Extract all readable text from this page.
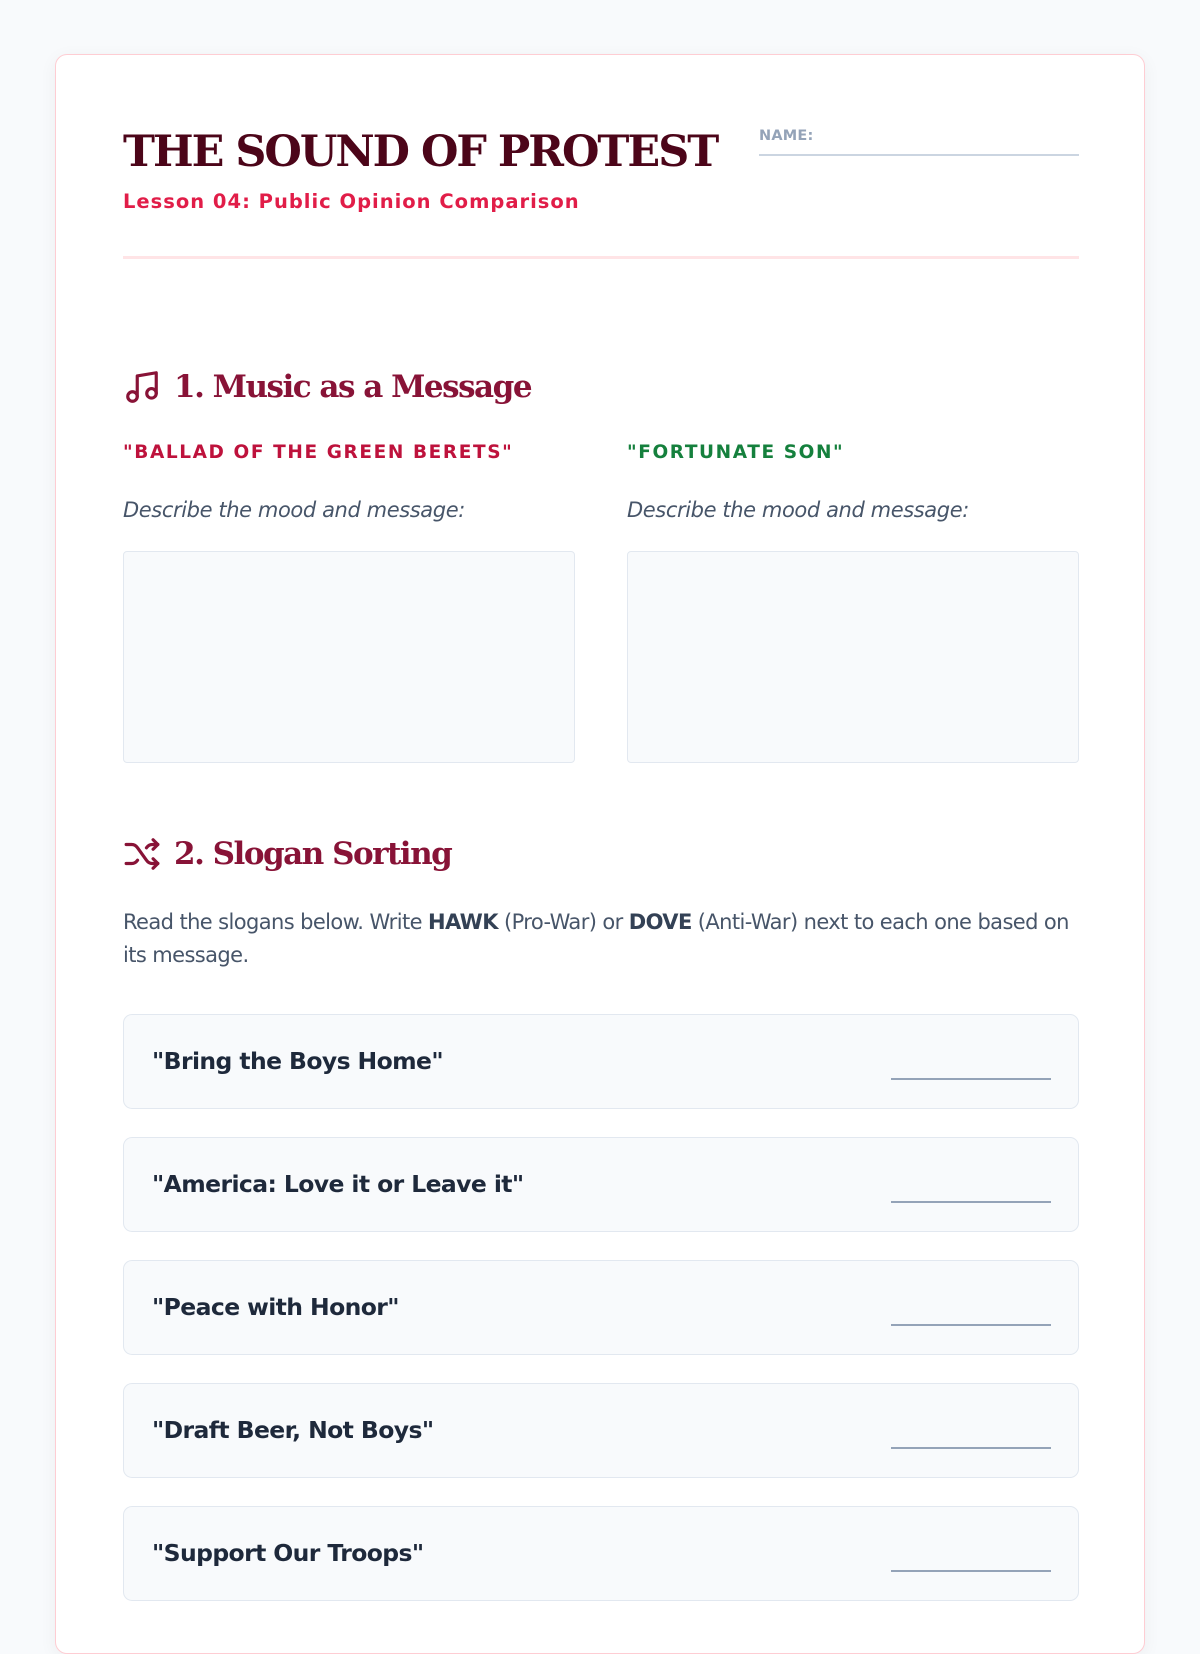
THE SOUND OF PROTEST
Lesson 04: Public Opinion Comparison
NAME:
1. Music as a Message
"BALLAD OF THE GREEN BERETS"
Describe the mood and message:
"FORTUNATE SON"
Describe the mood and message:
2. Slogan Sorting

Read the slogans below. Write HAWK (Pro-War) or DOVE (Anti-War) next to each one based on its message.

"Bring the Boys Home"
"America: Love it or Leave it"
"Peace with Honor"
"Draft Beer, Not Boys"
"Support Our Troops"
